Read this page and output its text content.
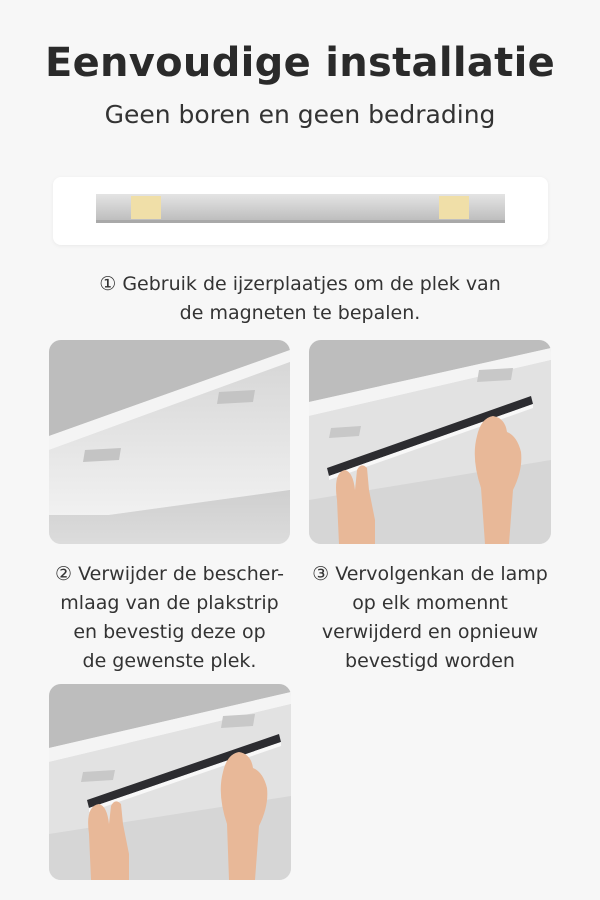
Eenvoudige installatie
Geen boren en geen bedrading
① Gebruik de ijzerplaatjes om de plek van
de magneten te bepalen.
② Verwijder de bescher-
mlaag van de plakstrip
en bevestig deze op
de gewenste plek.
③ Vervolgenkan de lamp
op elk momennt
verwijderd en opnieuw
bevestigd worden
